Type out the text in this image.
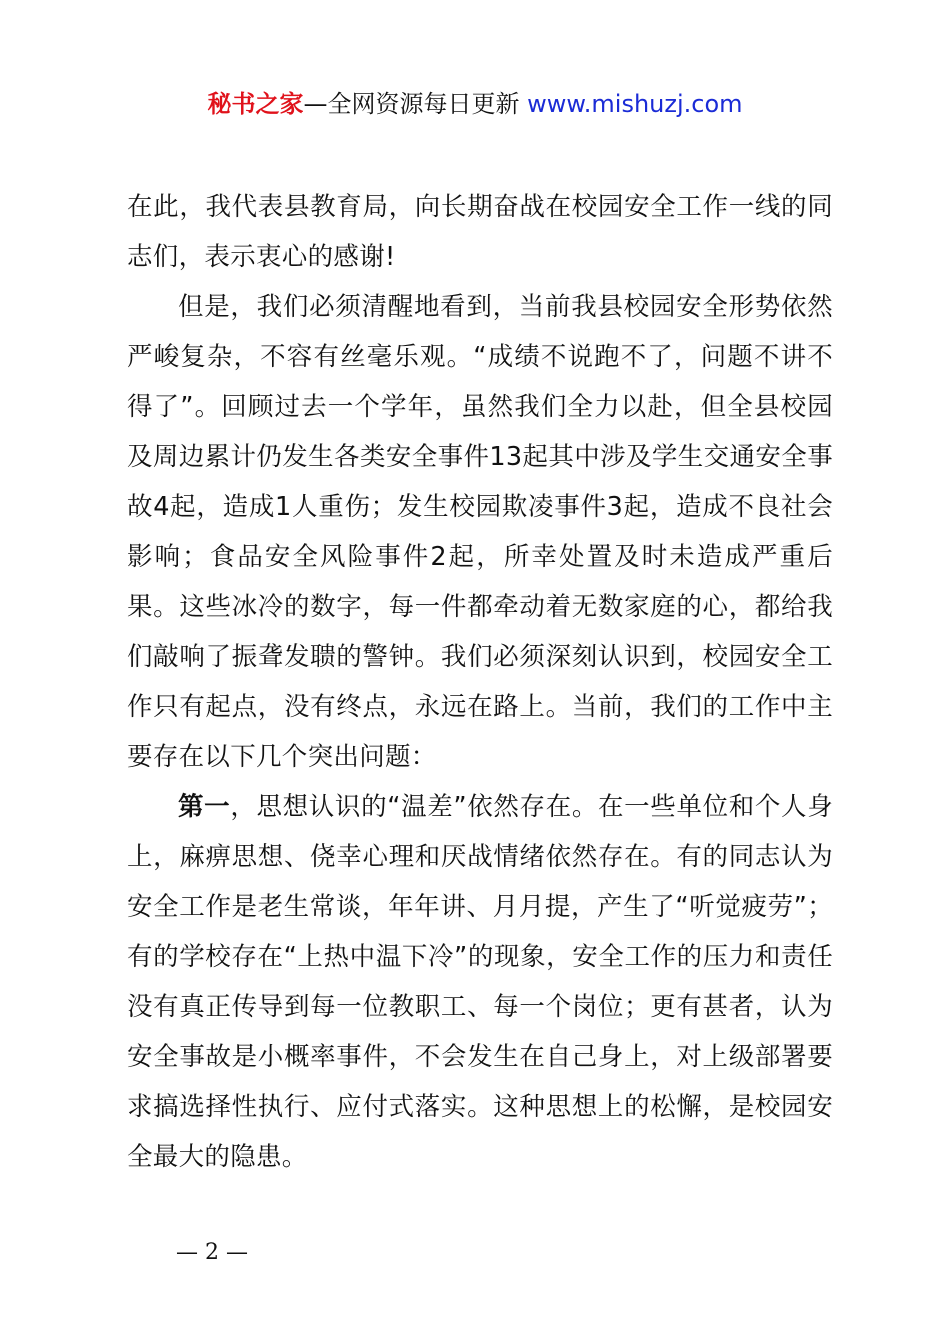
秘书之家—全网资源每日更新 www.mishuzj.com

在此，我代表县教育局，向长期奋战在校园安全工作一线的同志们，表示衷心的感谢!

但是，我们必须清醒地看到，当前我县校园安全形势依然严峻复杂，不容有丝毫乐观。“成绩不说跑不了，问题不讲不得了”。回顾过去一个学年，虽然我们全力以赴，但全县校园及周边累计仍发生各类安全事件13起其中涉及学生交通安全事故4起，造成1人重伤；发生校园欺凌事件3起，造成不良社会影响；食品安全风险事件2起，所幸处置及时未造成严重后果。这些冰冷的数字，每一件都牵动着无数家庭的心，都给我们敲响了振聋发聩的警钟。我们必须深刻认识到，校园安全工作只有起点，没有终点，永远在路上。当前，我们的工作中主要存在以下几个突出问题：

第一，思想认识的“温差”依然存在。在一些单位和个人身上，麻痹思想、侥幸心理和厌战情绪依然存在。有的同志认为安全工作是老生常谈，年年讲、月月提，产生了“听觉疲劳”；有的学校存在“上热中温下冷”的现象，安全工作的压力和责任没有真正传导到每一位教职工、每一个岗位；更有甚者，认为安全事故是小概率事件，不会发生在自己身上，对上级部署要求搞选择性执行、应付式落实。这种思想上的松懈，是校园安全最大的隐患。

— 2 —
